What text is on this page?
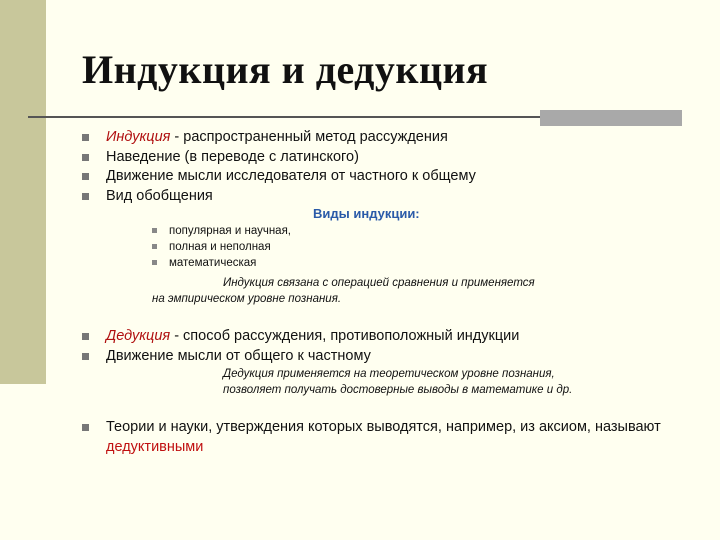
Индукция и дедукция
Индукция - распространенный метод рассуждения
Наведение (в переводе с латинского)
Движение мысли исследователя от частного к общему
Вид обобщения
Виды индукции:
популярная и научная,
полная и неполная
математическая
Индукция связана с операцией сравнения и применяется
на эмпирическом уровне познания.
Дедукция - способ рассуждения, противоположный индукции
Движение мысли от общего к частному
Дедукция применяется на теоретическом уровне познания,
позволяет получать достоверные выводы в математике и др.
Теории и науки, утверждения которых выводятся, например, из аксиом, называют дедуктивными
